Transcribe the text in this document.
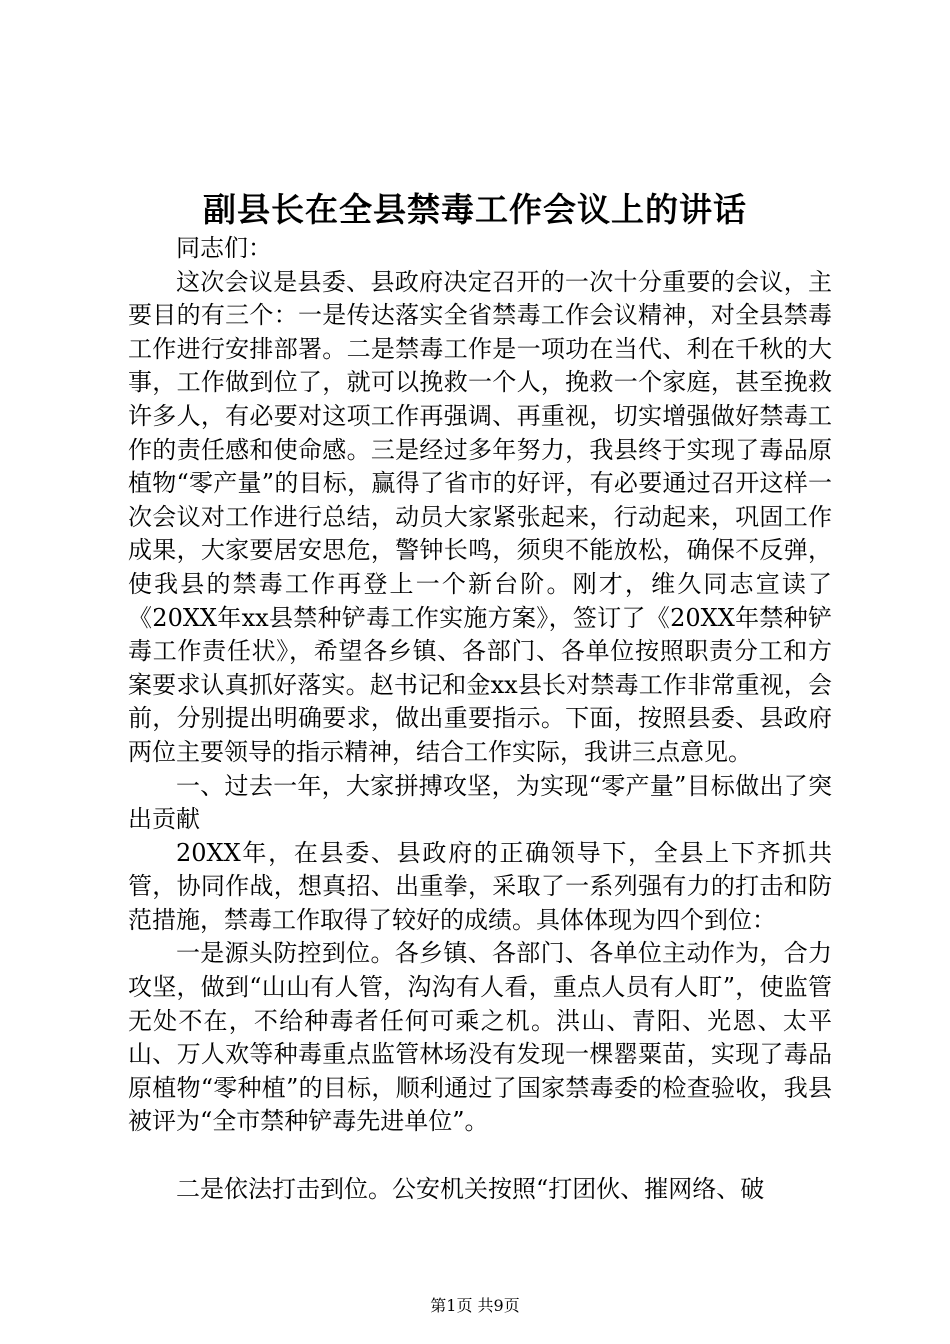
副县长在全县禁毒工作会议上的讲话

同志们：

这次会议是县委、县政府决定召开的一次十分重要的会议，主要目的有三个：一是传达落实全省禁毒工作会议精神，对全县禁毒工作进行安排部署。二是禁毒工作是一项功在当代、利在千秋的大事，工作做到位了，就可以挽救一个人，挽救一个家庭，甚至挽救许多人，有必要对这项工作再强调、再重视，切实增强做好禁毒工作的责任感和使命感。三是经过多年努力，我县终于实现了毒品原植物“零产量”的目标，赢得了省市的好评，有必要通过召开这样一次会议对工作进行总结，动员大家紧张起来，行动起来，巩固工作成果，大家要居安思危，警钟长鸣，须臾不能放松，确保不反弹，使我县的禁毒工作再登上一个新台阶。刚才，维久同志宣读了《20XX年xx县禁种铲毒工作实施方案》，签订了《20XX年禁种铲毒工作责任状》，希望各乡镇、各部门、各单位按照职责分工和方案要求认真抓好落实。赵书记和金xx县长对禁毒工作非常重视，会前，分别提出明确要求，做出重要指示。下面，按照县委、县政府两位主要领导的指示精神，结合工作实际，我讲三点意见。

一、过去一年，大家拼搏攻坚，为实现“零产量”目标做出了突出贡献

20XX年，在县委、县政府的正确领导下，全县上下齐抓共管，协同作战，想真招、出重拳，采取了一系列强有力的打击和防范措施，禁毒工作取得了较好的成绩。具体体现为四个到位：

一是源头防控到位。各乡镇、各部门、各单位主动作为，合力攻坚，做到“山山有人管，沟沟有人看，重点人员有人盯”，使监管无处不在，不给种毒者任何可乘之机。洪山、青阳、光恩、太平山、万人欢等种毒重点监管林场没有发现一棵罂粟苗，实现了毒品原植物“零种植”的目标，顺利通过了国家禁毒委的检查验收，我县被评为“全市禁种铲毒先进单位”。

二是依法打击到位。公安机关按照“打团伙、摧网络、破

第1页 共9页
